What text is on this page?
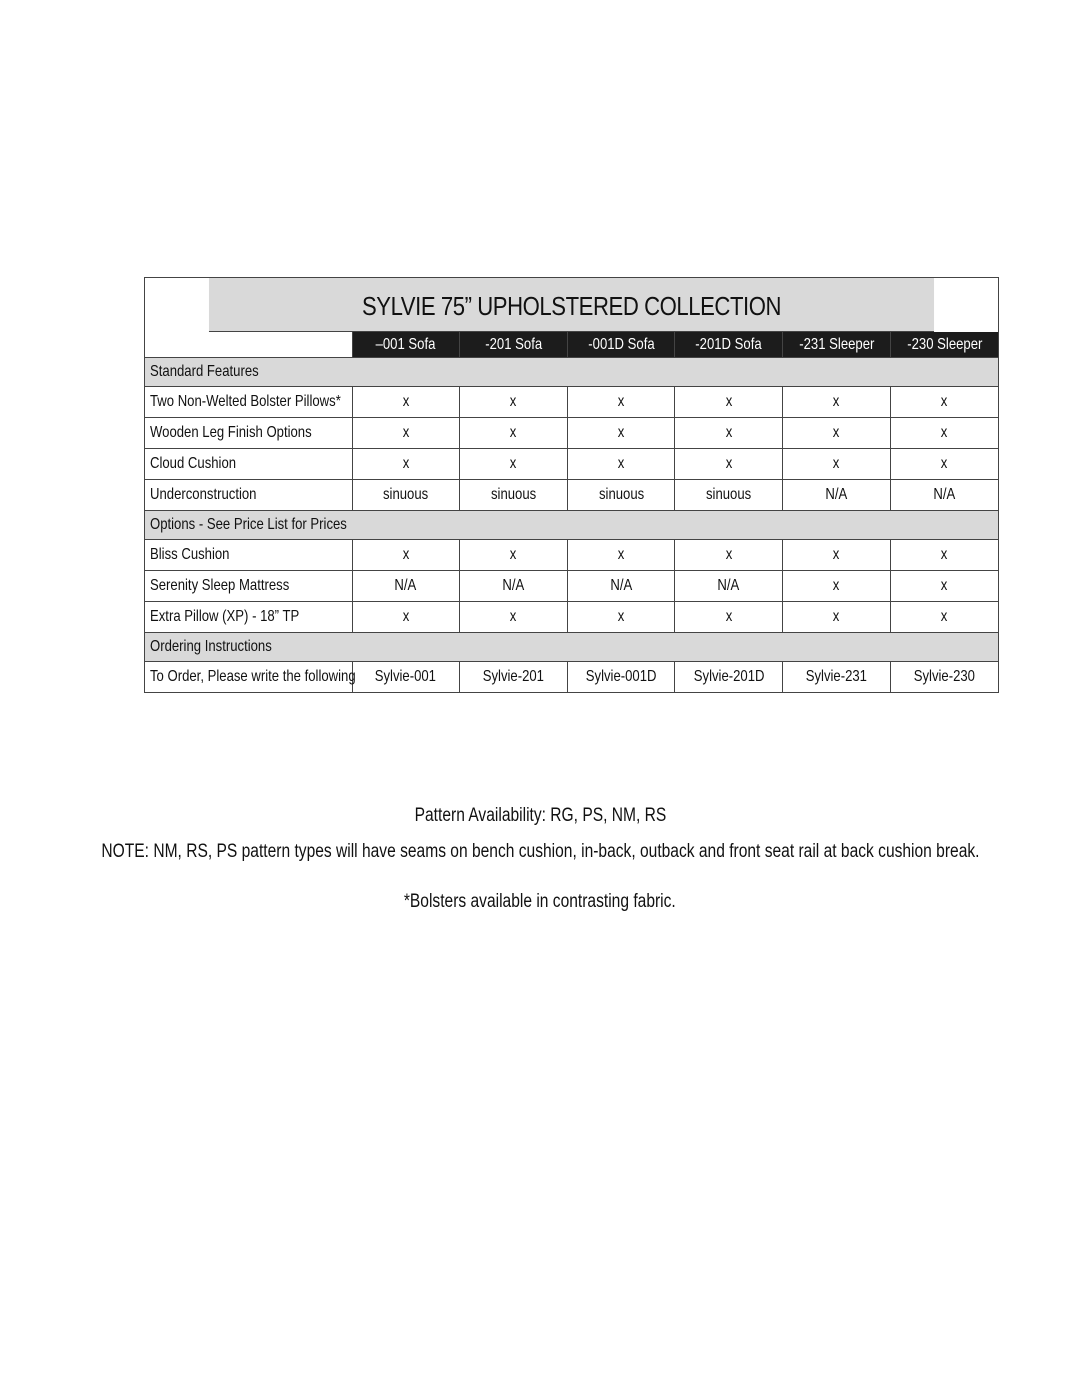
SYLVIE 75” UPHOLSTERED COLLECTION
	–001 Sofa	-201 Sofa	-001D Sofa	-201D Sofa	-231 Sleeper	-230 Sleeper
Standard Features						
Two Non-Welted Bolster Pillows*	x	x	x	x	x	x
Wooden Leg Finish Options	x	x	x	x	x	x
Cloud Cushion	x	x	x	x	x	x
Underconstruction	sinuous	sinuous	sinuous	sinuous	N/A	N/A
Options - See Price List for Prices						
Bliss Cushion	x	x	x	x	x	x
Serenity Sleep Mattress	N/A	N/A	N/A	N/A	x	x
Extra Pillow (XP) - 18” TP	x	x	x	x	x	x
Ordering Instructions						
To Order, Please write the following	Sylvie-001	Sylvie-201	Sylvie-001D	Sylvie-201D	Sylvie-231	Sylvie-230
Pattern Availability: RG, PS, NM, RS
NOTE: NM, RS, PS pattern types will have seams on bench cushion, in-back, outback and front seat rail at back cushion break.
*Bolsters available in contrasting fabric.
